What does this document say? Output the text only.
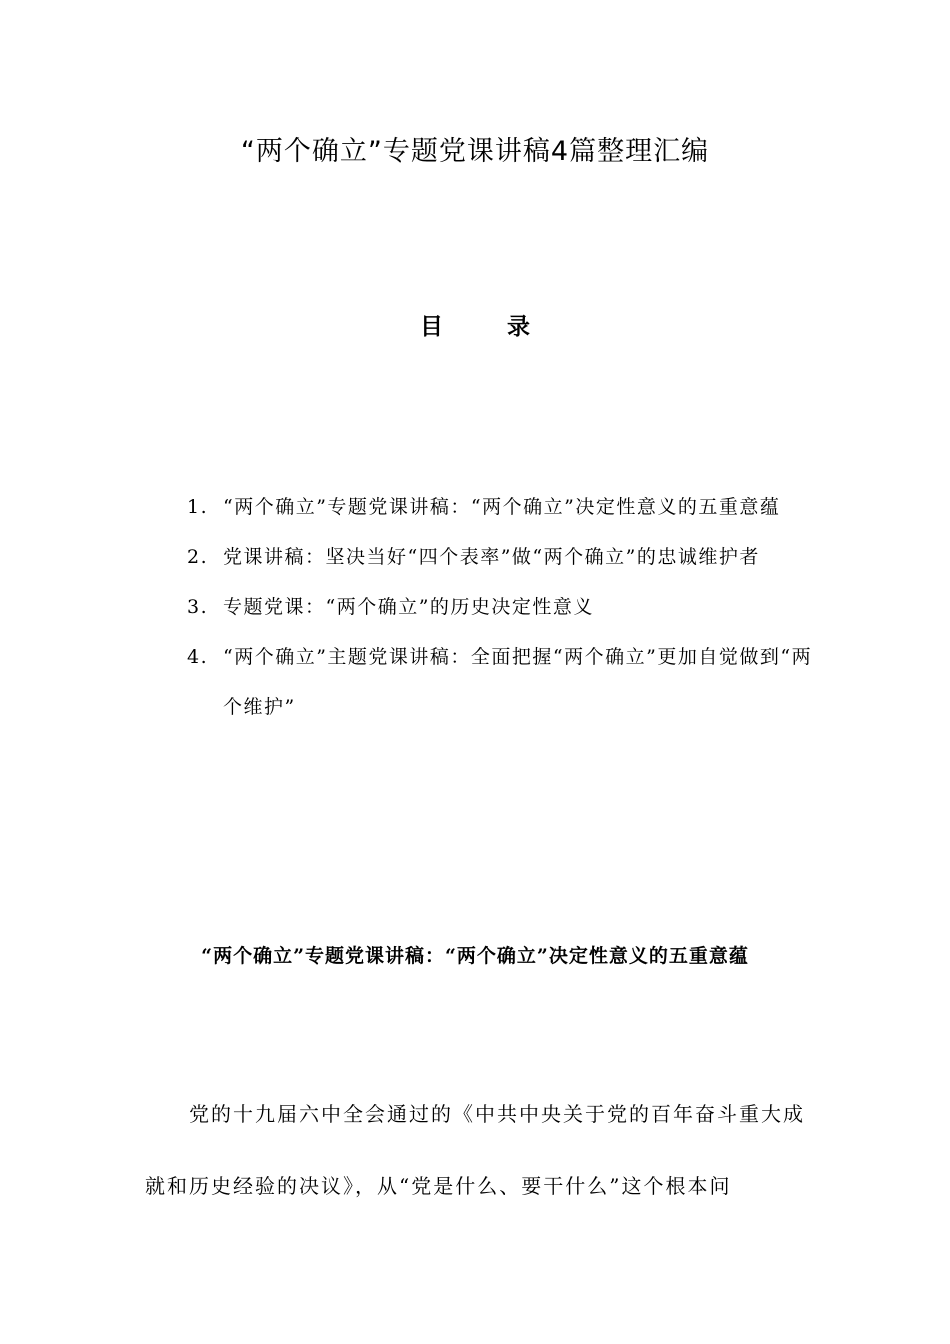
“两个确立”专题党课讲稿4篇整理汇编
目 录
1. “两个确立”专题党课讲稿：“两个确立”决定性意义的五重意蕴
2. 党课讲稿：坚决当好“四个表率”做“两个确立”的忠诚维护者
3. 专题党课：“两个确立”的历史决定性意义
4. “两个确立”主题党课讲稿：全面把握“两个确立”更加自觉做到“两个维护”
“两个确立”专题党课讲稿：“两个确立”决定性意义的五重意蕴

党的十九届六中全会通过的《中共中央关于党的百年奋斗重大成就和历史经验的决议》，从“党是什么、要干什么”这个根本问
